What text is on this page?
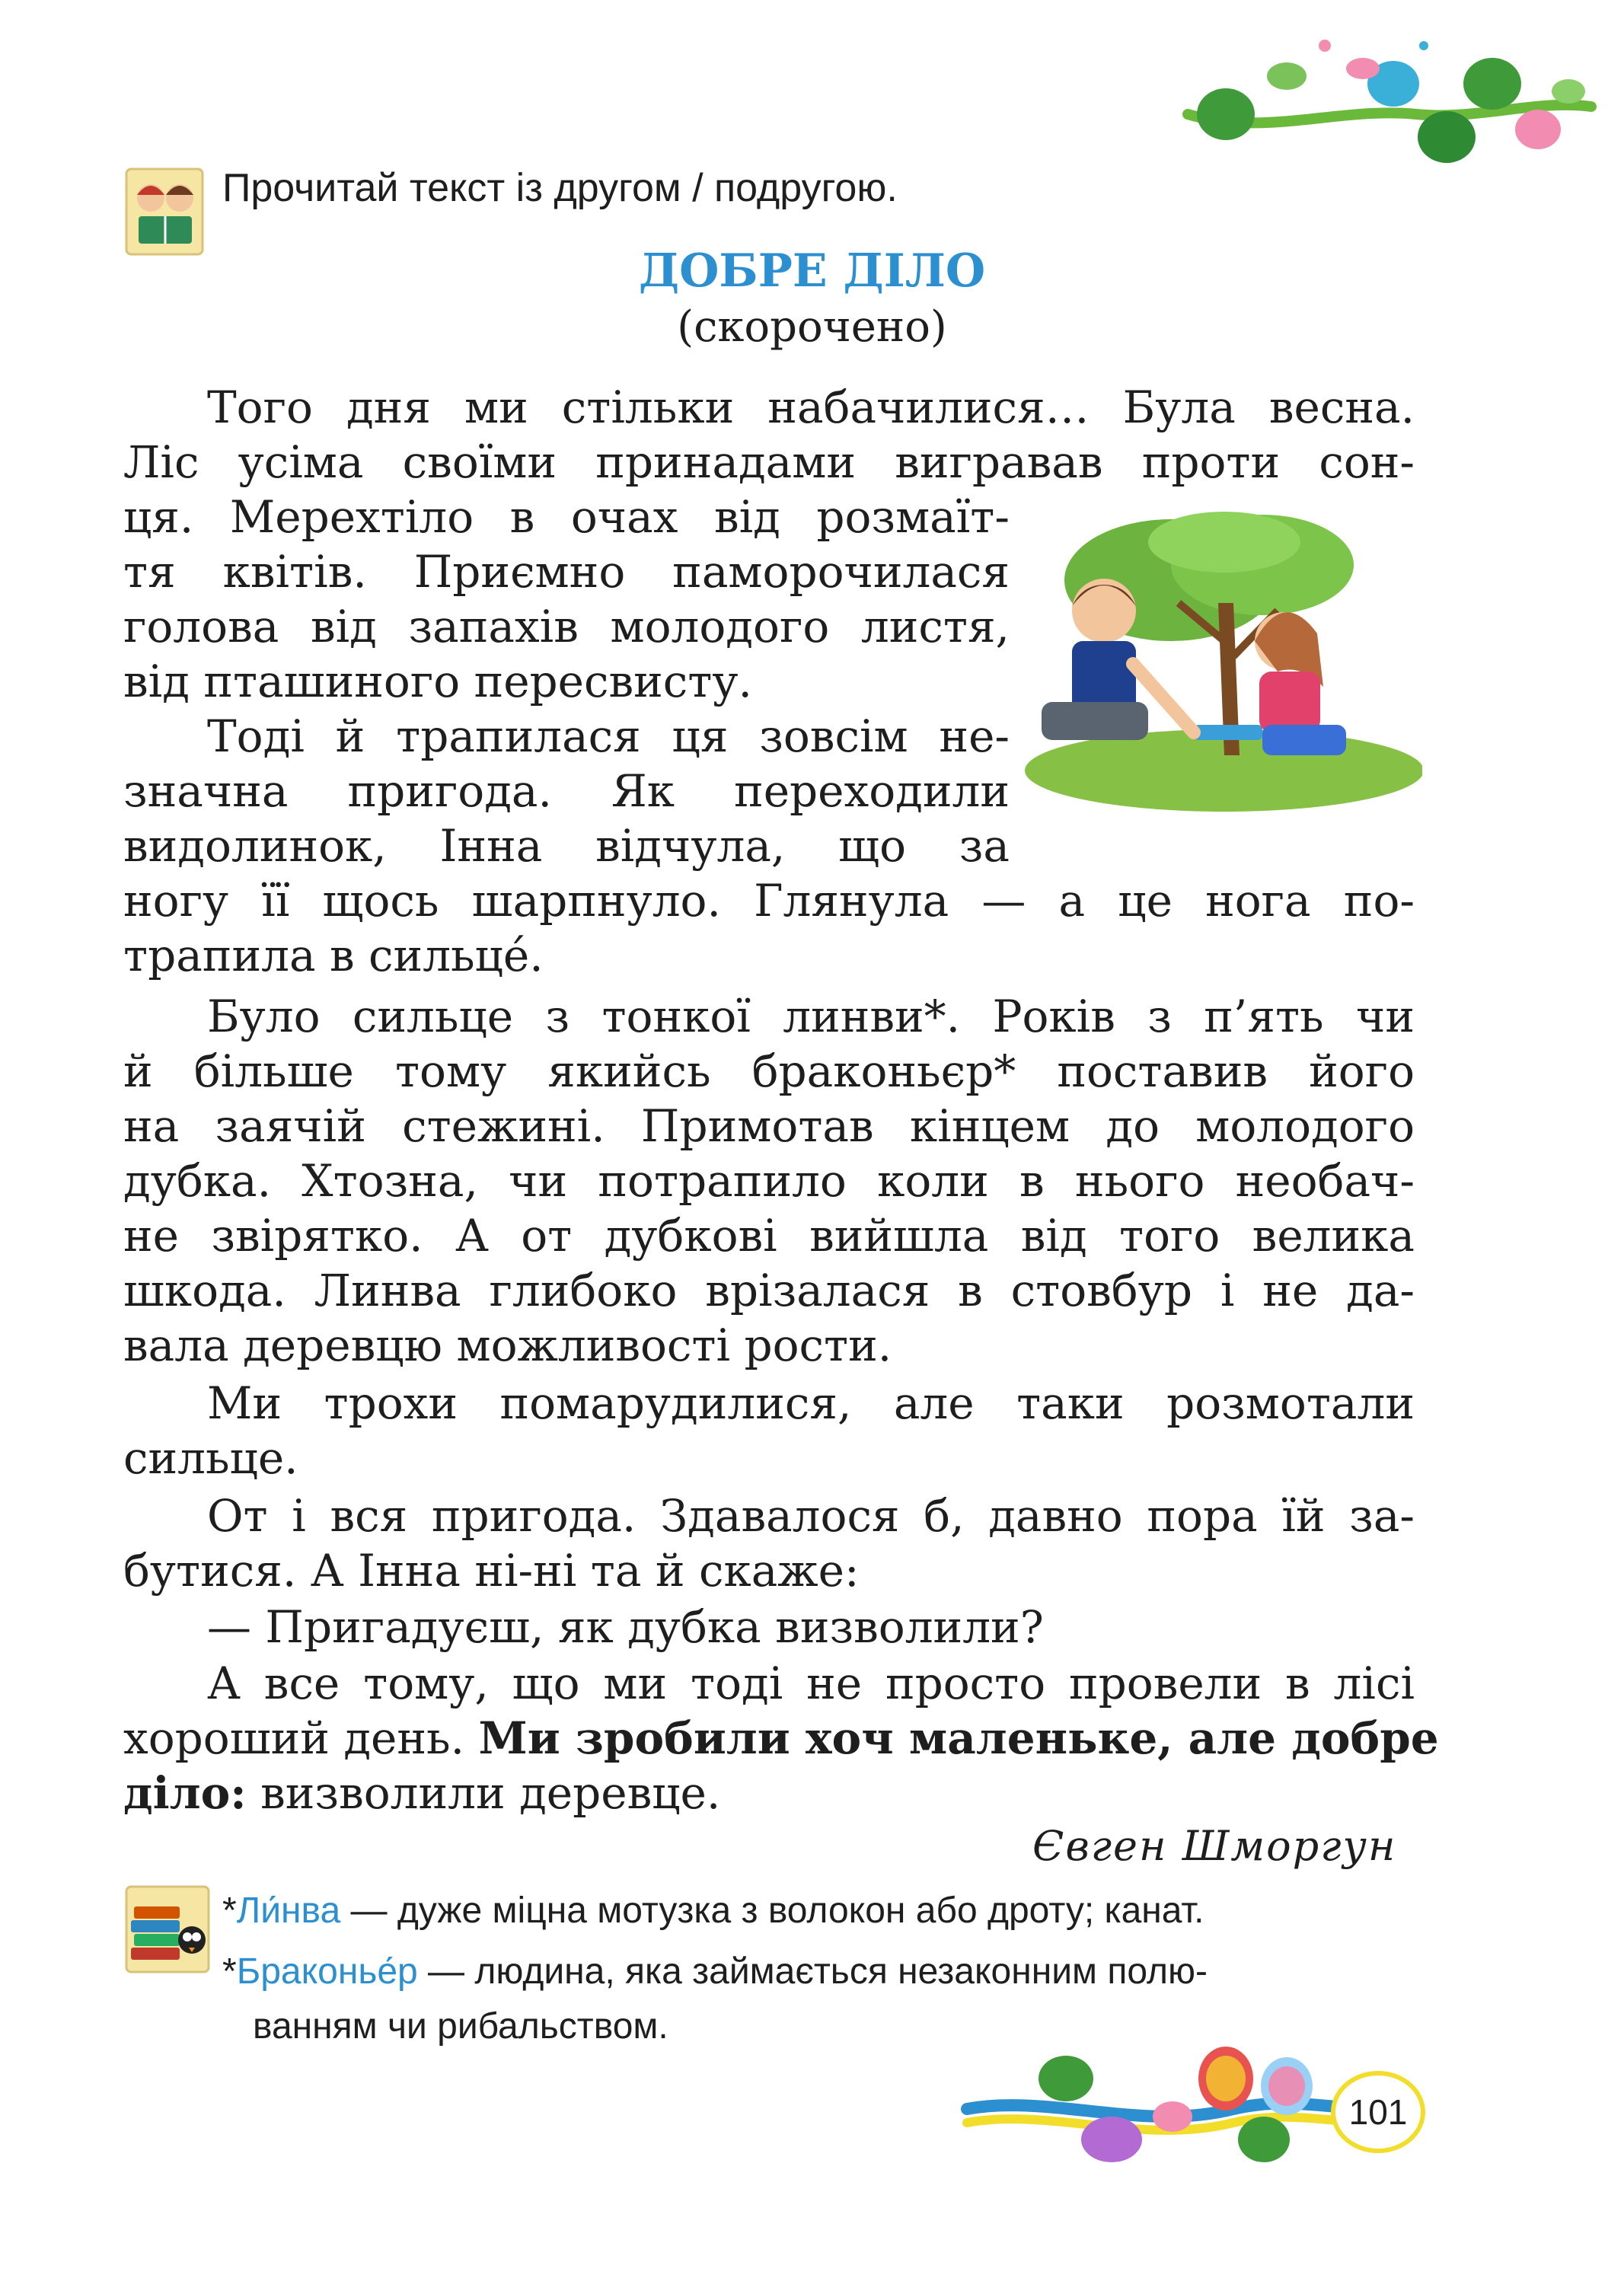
Прочитай текст із другом / подругою.
ДОБРЕ ДІЛО
(скорочено)
Того дня ми стільки набачилися… Була весна.
Ліс усіма своїми принадами вигравав проти сон-
ця. Мерехтіло в очах від розмаїт-
тя квітів. Приємно паморочилася
голова від запахів молодого листя,
від пташиного пересвисту.
Тоді й трапилася ця зовсім не-
значна пригода. Як переходили
видолинок, Інна відчула, що за
ногу її щось шарпнуло. Глянула — а це нога по-
трапила в сильце́.
Було сильце з тонкої линви*. Років з п’ять чи
й більше тому якийсь браконьєр* поставив його
на заячій стежині. Примотав кінцем до молодого
дубка. Хтозна, чи потрапило коли в нього необач-
не звірятко. А от дубкові вийшла від того велика
шкода. Линва глибоко врізалася в стовбур і не да-
вала деревцю можливості рости.
Ми трохи помарудилися, але таки розмотали
сильце.
От і вся пригода. Здавалося б, давно пора їй за-
бутися. А Інна ні-ні та й скаже:
— Пригадуєш, як дубка визволили?
А все тому, що ми тоді не просто провели в лісі
хороший день. Ми зробили хоч маленьке, але добре
діло: визволили деревце.
Євген Шморгун
*Ли́нва — дуже міцна мотузка з волокон або дроту; канат.
*Браконье́р — людина, яка займається незаконним полю-
ванням чи рибальством.
101
